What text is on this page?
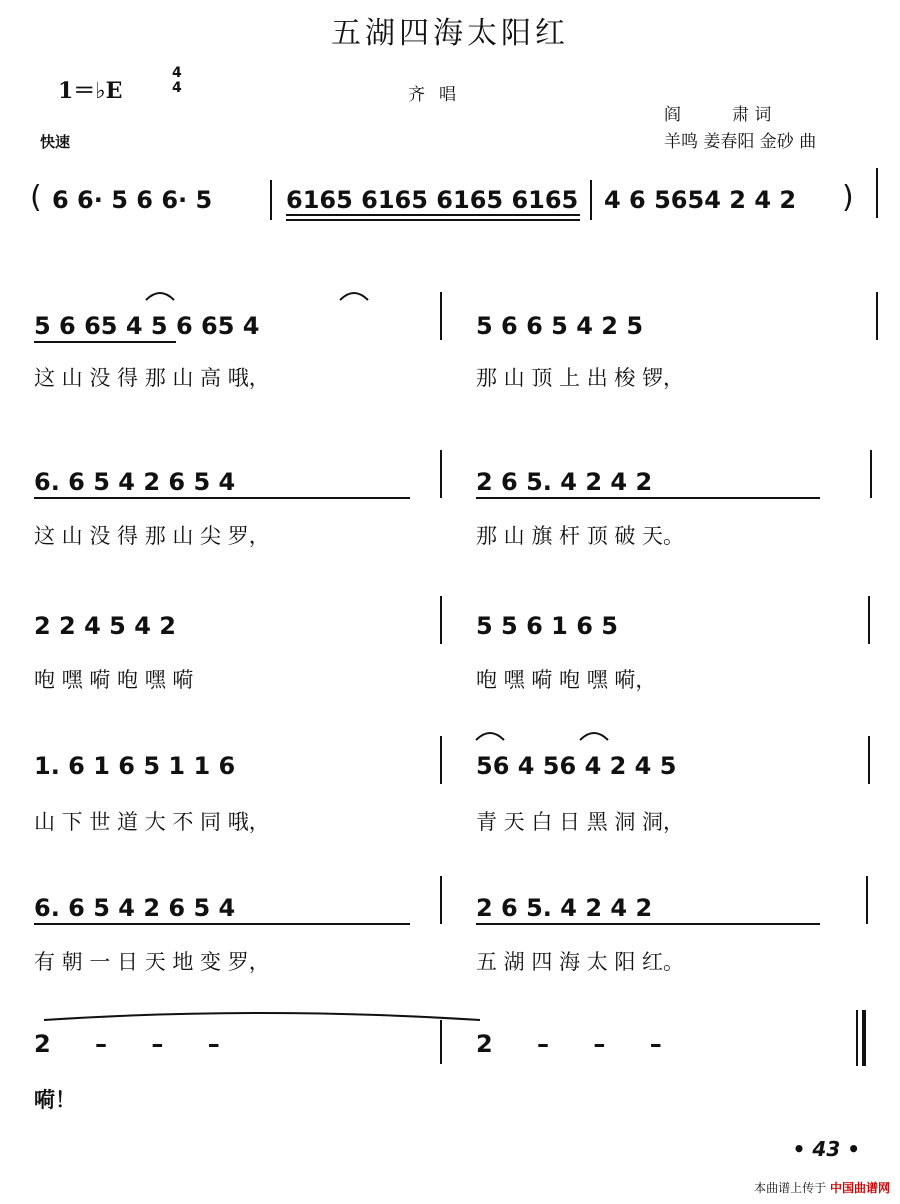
五湖四海太阳红
1＝♭E
4
4	齐唱
阎　　　肃 词
羊鸣 姜春阳 金砂 曲
快速
( 6 6· 5 6 6· 5	6165 6165 6165 6165 4 6 5654 2 4 2 )
5 6 65 4 5 6 65 4	5 6 6 5 4 2 5
这 山 没 得 那 山 高 哦，	那 山 顶 上 出 梭 锣，
6. 6 5 4 2 6 5 4	2 6 5. 4 2 4 2
这 山 没 得 那 山 尖 罗，	那 山 旗 杆 顶 破 天。
2 2 4 5 4 2	5 5 6 1 6 5
咆 嘿 嗬 咆 嘿 嗬	咆 嘿 嗬 咆 嘿 嗬，
1. 6 1 6 5 1 1 6	56 4 56 4 2 4 5
山 下 世 道 大 不 同 哦，	青 天 白 日 黑 洞 洞，
6. 6 5 4 2 6 5 4	2 6 5. 4 2 4 2
有 朝 一 日 天 地 变 罗，	五 湖 四 海 太 阳 红。
2 – – –	2 – – –
嗬！
• 43 •
本曲谱上传于 中国曲谱网
